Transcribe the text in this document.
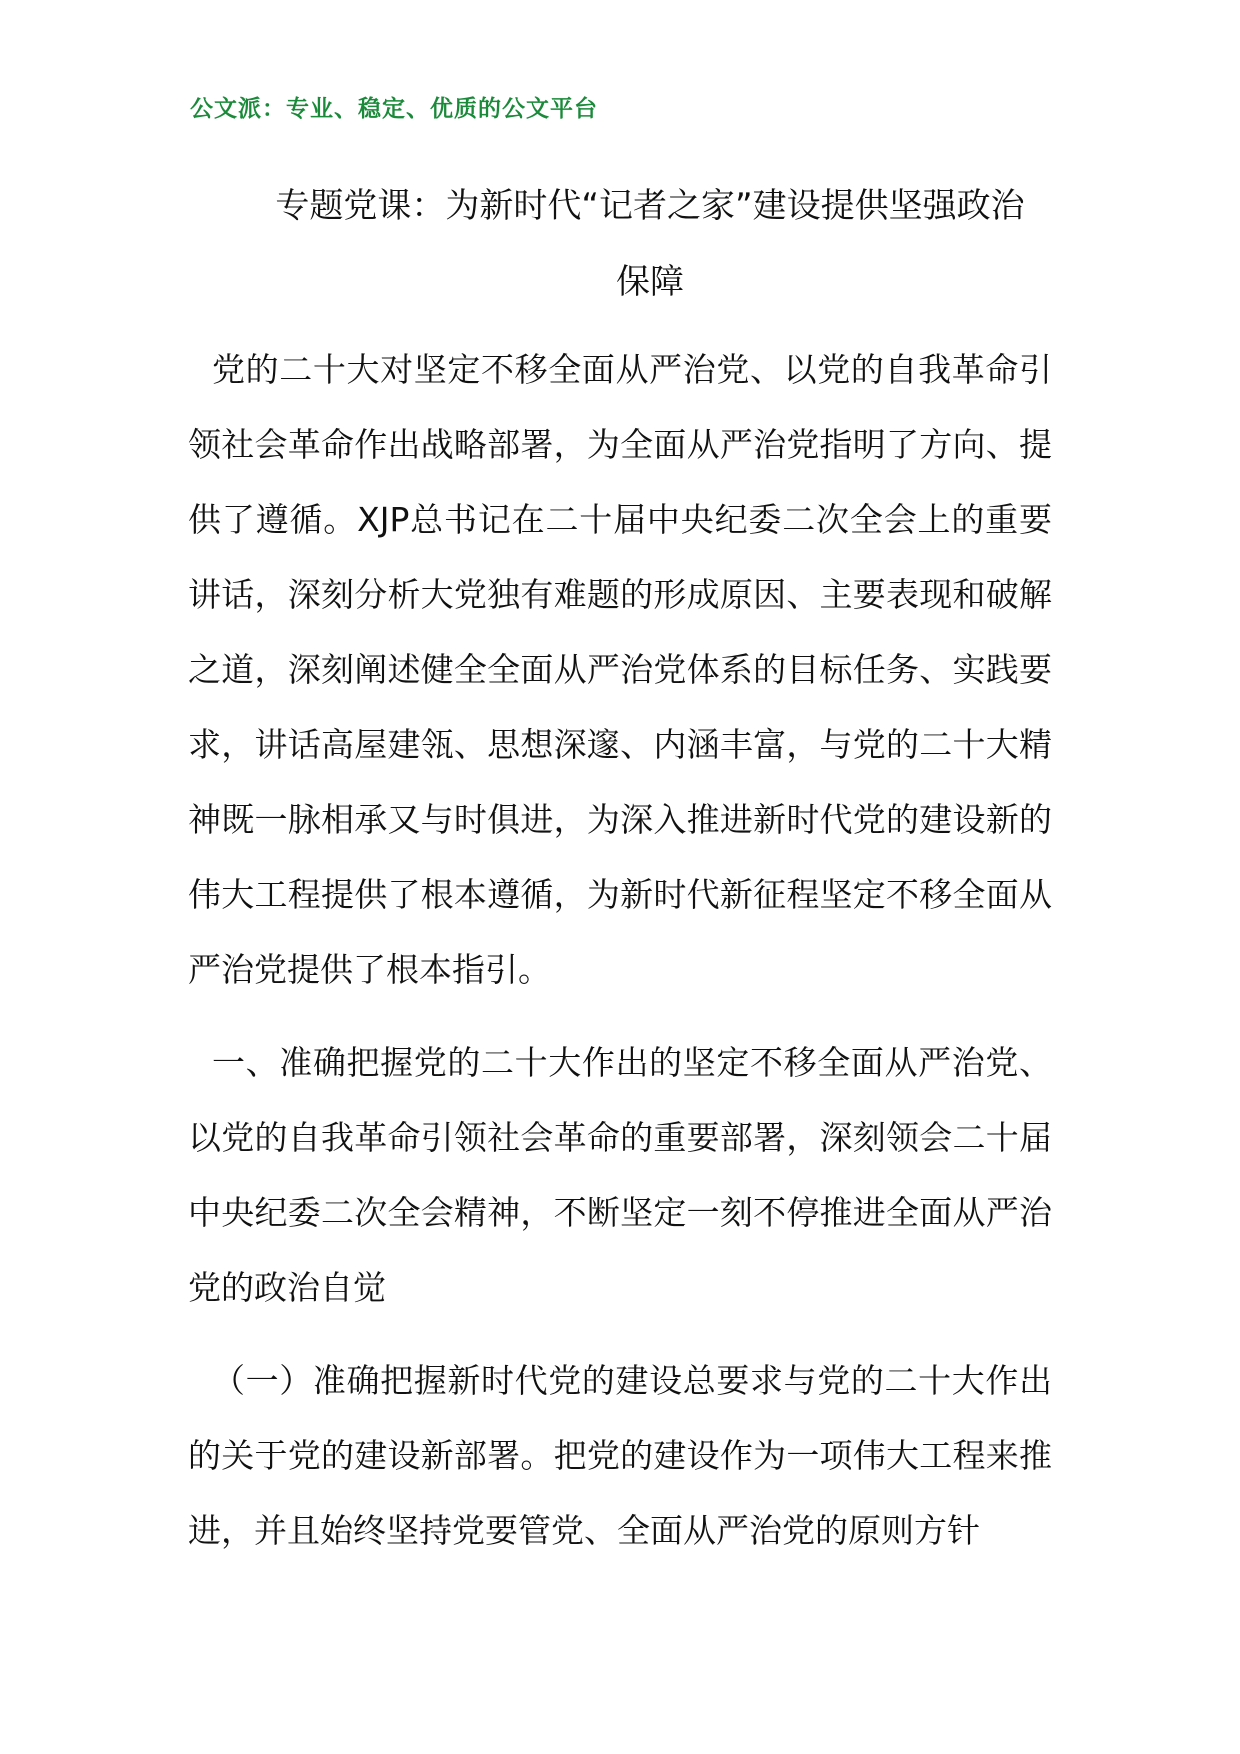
公文派：专业、稳定、优质的公文平台
专题党课：为新时代“记者之家”建设提供坚强政治
保障

党的二十大对坚定不移全面从严治党、以党的自我革命引领社会革命作出战略部署，为全面从严治党指明了方向、提供了遵循。XJP总书记在二十届中央纪委二次全会上的重要讲话，深刻分析大党独有难题的形成原因、主要表现和破解之道，深刻阐述健全全面从严治党体系的目标任务、实践要求，讲话高屋建瓴、思想深邃、内涵丰富，与党的二十大精神既一脉相承又与时俱进，为深入推进新时代党的建设新的伟大工程提供了根本遵循，为新时代新征程坚定不移全面从严治党提供了根本指引。

一、准确把握党的二十大作出的坚定不移全面从严治党、以党的自我革命引领社会革命的重要部署，深刻领会二十届中央纪委二次全会精神，不断坚定一刻不停推进全面从严治党的政治自觉

（一）准确把握新时代党的建设总要求与党的二十大作出的关于党的建设新部署。把党的建设作为一项伟大工程来推进，并且始终坚持党要管党、全面从严治党的原则方针
